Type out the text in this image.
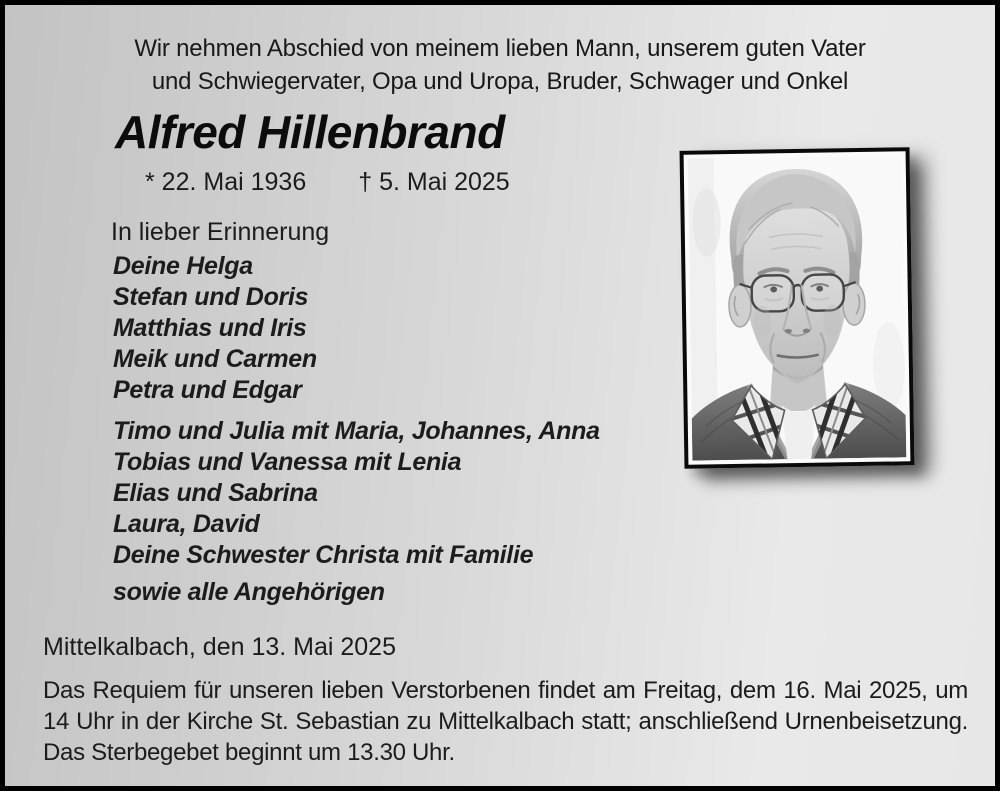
Wir nehmen Abschied von meinem lieben Mann, unserem guten Vater
und Schwiegervater, Opa und Uropa, Bruder, Schwager und Onkel
Alfred Hillenbrand
* 22. Mai 1936 † 5. Mai 2025
In lieber Erinnerung
Deine Helga
Stefan und Doris
Matthias und Iris
Meik und Carmen
Petra und Edgar
Timo und Julia mit Maria, Johannes, Anna
Tobias und Vanessa mit Lenia
Elias und Sabrina
Laura, David
Deine Schwester Christa mit Familie
sowie alle Angehörigen
Mittelkalbach, den 13. Mai 2025

Das Requiem für unseren lieben Verstorbenen findet am Freitag, dem 16. Mai 2025, um 14 Uhr in der Kirche St. Sebastian zu Mittelkalbach statt; anschließend Urnenbeisetzung. Das Sterbegebet beginnt um 13.30 Uhr.
